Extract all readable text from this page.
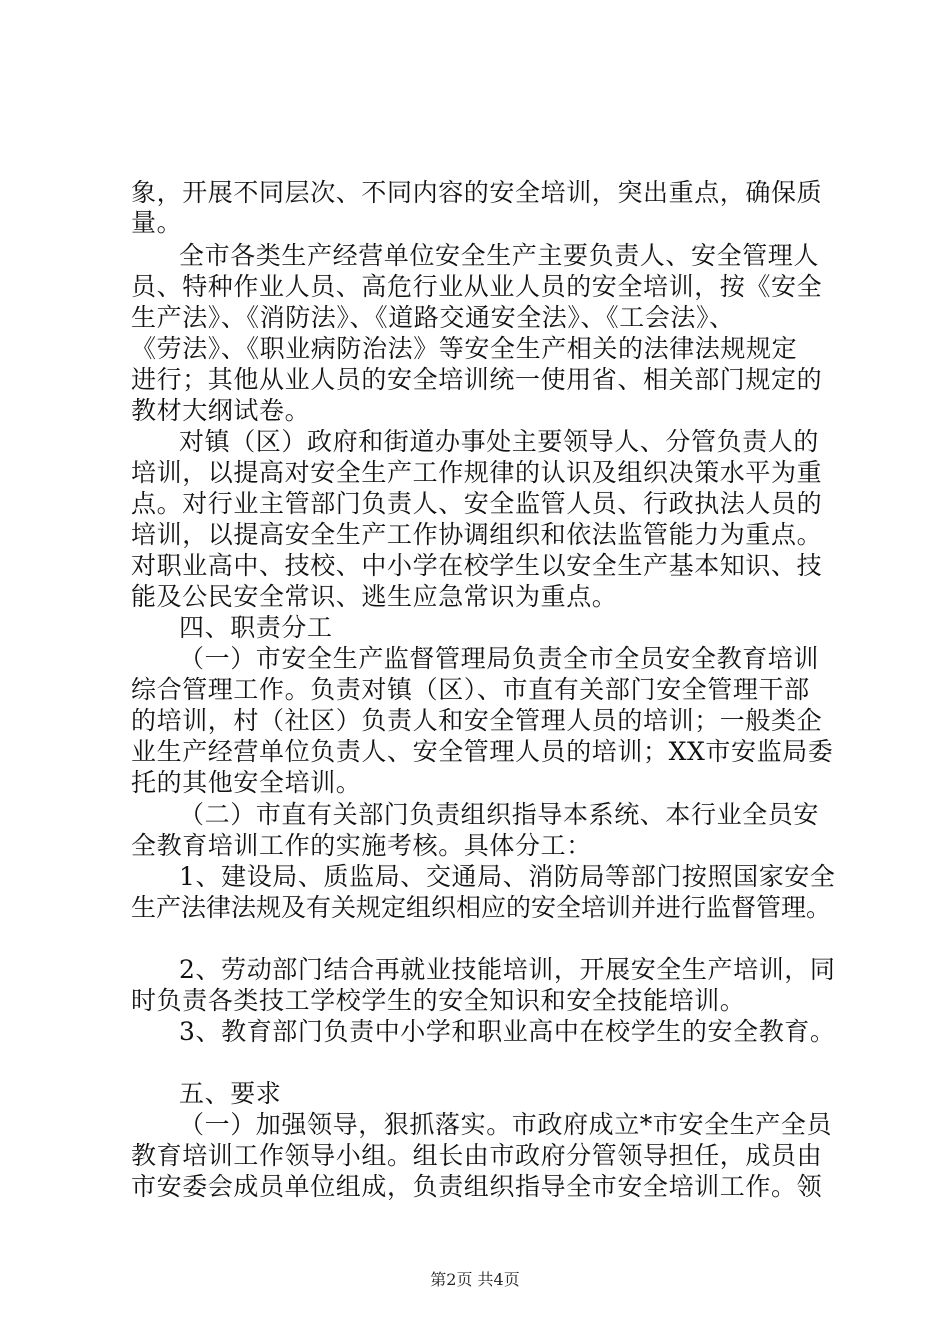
象，开展不同层次、不同内容的安全培训，突出重点，确保质
量。
全市各类生产经营单位安全生产主要负责人、安全管理人
员、特种作业人员、高危行业从业人员的安全培训，按《安全
生产法》、《消防法》、《道路交通安全法》、《工会法》、
《劳法》、《职业病防治法》等安全生产相关的法律法规规定
进行；其他从业人员的安全培训统一使用省、相关部门规定的
教材大纲试卷。
对镇（区）政府和街道办事处主要领导人、分管负责人的
培训，以提高对安全生产工作规律的认识及组织决策水平为重
点。对行业主管部门负责人、安全监管人员、行政执法人员的
培训，以提高安全生产工作协调组织和依法监管能力为重点。
对职业高中、技校、中小学在校学生以安全生产基本知识、技
能及公民安全常识、逃生应急常识为重点。
四、职责分工
（一）市安全生产监督管理局负责全市全员安全教育培训
综合管理工作。负责对镇（区）、市直有关部门安全管理干部
的培训，村（社区）负责人和安全管理人员的培训；一般类企
业生产经营单位负责人、安全管理人员的培训；XX市安监局委
托的其他安全培训。
（二）市直有关部门负责组织指导本系统、本行业全员安
全教育培训工作的实施考核。具体分工：
1、建设局、质监局、交通局、消防局等部门按照国家安全
生产法律法规及有关规定组织相应的安全培训并进行监督管理。
2、劳动部门结合再就业技能培训，开展安全生产培训，同
时负责各类技工学校学生的安全知识和安全技能培训。
3、教育部门负责中小学和职业高中在校学生的安全教育。
五、要求
（一）加强领导，狠抓落实。市政府成立*市安全生产全员
教育培训工作领导小组。组长由市政府分管领导担任，成员由
市安委会成员单位组成，负责组织指导全市安全培训工作。领
第2页 共4页
